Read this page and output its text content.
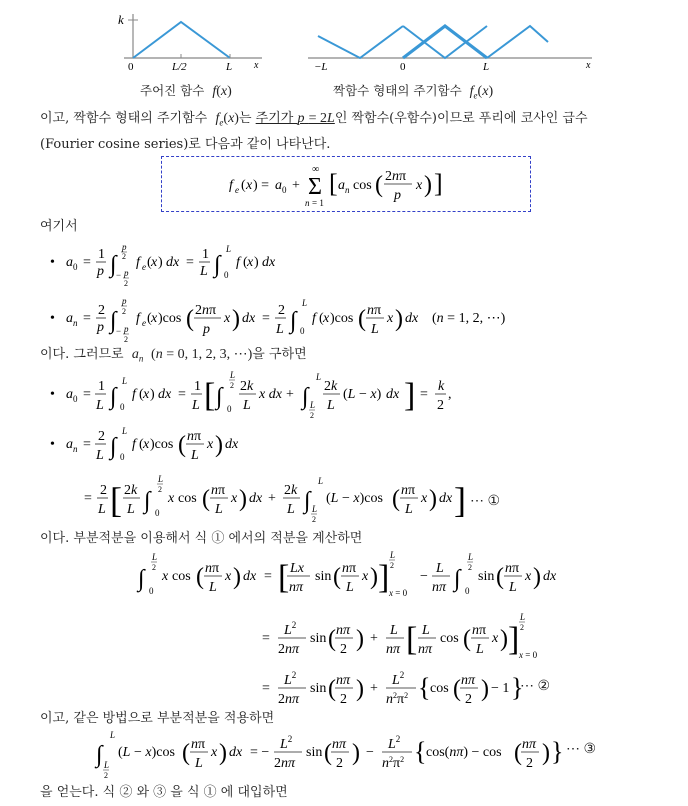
k
0	L/2	L x	−L	0	L	x
주어진 함수 f(x)	짝함수 형태의 주기함수 $f_e(x)$
이고, 짝함수 형태의 주기함수 $f_e(x)$는 주기가 p = 2L인 짝함수(우함수)이므로 푸리에 코사인 급수
(Fourier cosine series)로 다음과 같이 나타난다.
f e ( x ) = a 0 + Σ
∞
n = 1
[ a n cos ( 2nπ
p
x ) ]
여기서
• a 0 =
1
p ∫
p
2
− p
2
f e ( x ) dx =
1
L ∫
L
0
f ( x ) dx
• a n =
2
p ∫
p
2
− p
2
f e ( x )cos ( 2nπ
p
x ) dx =
2
L ∫
L
0
f ( x )cos ( n π
L
x ) dx (n = 1, 2, ⋯)
이다. 그러므로 $a_n$  (n = 0, 1, 2, 3, ⋯)을 구하면
• a 0 =
1
L ∫
L
0
f ( x ) dx =
1
L [ ∫
L
2
0
2k
L
x dx + ∫
L
L
2
2k
L
(L − x) dx ] =
k
2
,
• a n =
2
L ∫
L
0
f ( x )cos ( n π
L
x ) dx
=
2
L [ 2k
L ∫
L
2
0
x cos ( n π
L
x ) dx +
2k
L ∫
L
L
2
(L − x)cos ( n π
L
x ) dx ] ⋯ ①
이다. 부분적분을 이용해서 식 ① 에서의 적분을 계산하면
∫
L
2
0
x cos ( n π
L
x ) dx = [ Lx
nπ
sin ( n π
L
x ) ]
L
2
x = 0
−
L
nπ ∫
L
2
0
sin ( n π
L
x ) dx
=
$L^2$
2nπ
sin ( nπ
2 ) +
L
nπ [ L
nπ
cos ( n π
L
x ) ]
L
2
x = 0
=
$L^2$
2nπ
sin ( nπ
2 ) +
$L^2$
$n^2\pi^2$ { cos ( nπ
2 ) − 1 }
⋯ ②
이고, 같은 방법으로 부분적분을 적용하면
∫
L
L
2
(L − x)cos ( n π
L
x ) dx = −
$L^2$
2nπ
sin ( nπ
2 ) −
$L^2$
$n^2\pi^2$ { cos(nπ) − cos ( nπ
2 ) } ⋯ ③
을 얻는다. 식 ② 와 ③ 을 식 ① 에 대입하면
